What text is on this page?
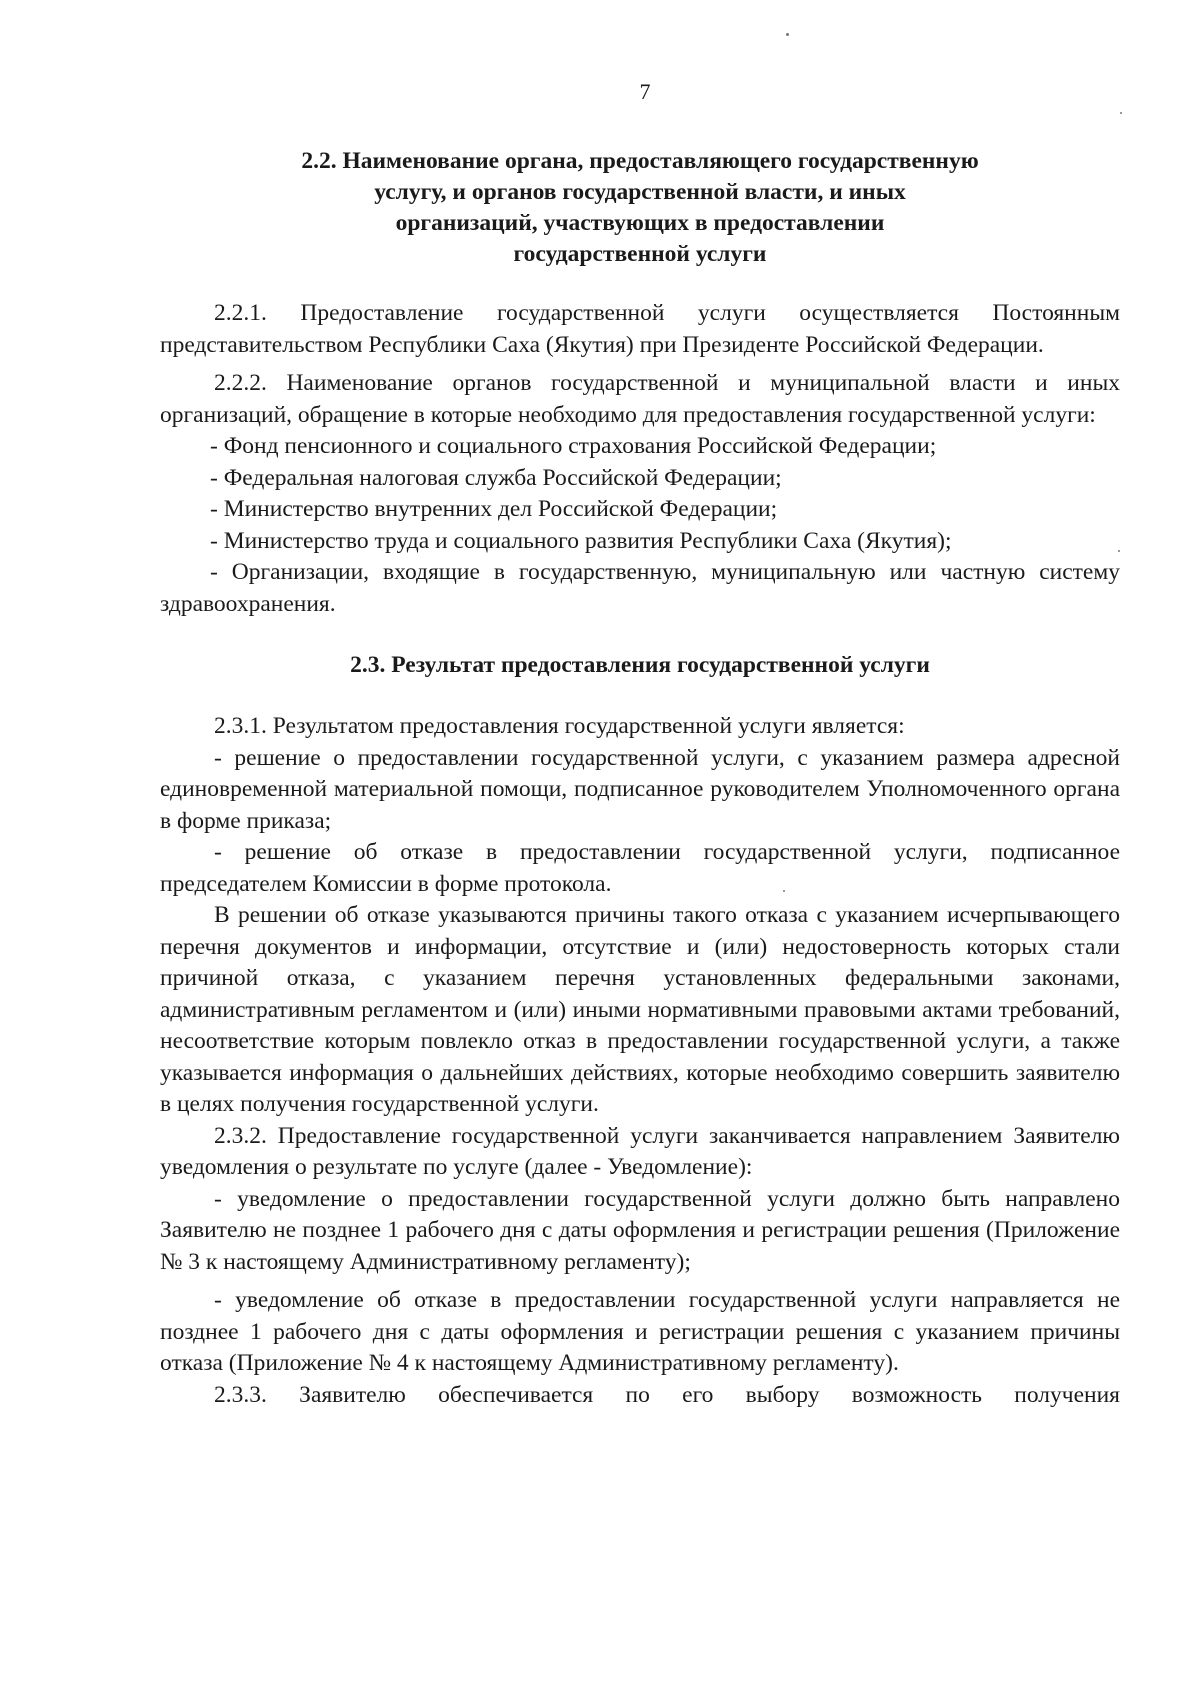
7

2.2. Наименование органа, предоставляющего государственную

услугу, и органов государственной власти, и иных

организаций, участвующих в предоставлении

государственной услуги

2.2.1. Предоставление государственной услуги осуществляется Постоянным представительством Республики Саха (Якутия) при Президенте Российской Федерации.

2.2.2. Наименование органов государственной и муниципальной власти и иных организаций, обращение в которые необходимо для предоставления государственной услуги:

- Фонд пенсионного и социального страхования Российской Федерации;

- Федеральная налоговая служба Российской Федерации;

- Министерство внутренних дел Российской Федерации;

- Министерство труда и социального развития Республики Саха (Якутия);

- Организации, входящие в государственную, муниципальную или частную систему здравоохранения.

2.3. Результат предоставления государственной услуги

2.3.1. Результатом предоставления государственной услуги является:

- решение о предоставлении государственной услуги, с указанием размера адресной единовременной материальной помощи, подписанное руководителем Уполномоченного органа в форме приказа;

- решение об отказе в предоставлении государственной услуги, подписанное председателем Комиссии в форме протокола.

В решении об отказе указываются причины такого отказа с указанием исчерпывающего перечня документов и информации, отсутствие и (или) недостоверность которых стали причиной отказа, с указанием перечня установленных федеральными законами, административным регламентом и (или) иными нормативными правовыми актами требований, несоответствие которым повлекло отказ в предоставлении государственной услуги, а также указывается информация о дальнейших действиях, которые необходимо совершить заявителю в целях получения государственной услуги.

2.3.2. Предоставление государственной услуги заканчивается направлением Заявителю уведомления о результате по услуге (далее - Уведомление):

- уведомление о предоставлении государственной услуги должно быть направлено Заявителю не позднее 1 рабочего дня с даты оформления и регистрации решения (Приложение № 3 к настоящему Административному регламенту);

- уведомление об отказе в предоставлении государственной услуги направляется не позднее 1 рабочего дня с даты оформления и регистрации решения с указанием причины отказа (Приложение № 4 к настоящему Административному регламенту).

2.3.3. Заявителю обеспечивается по его выбору возможность получения
